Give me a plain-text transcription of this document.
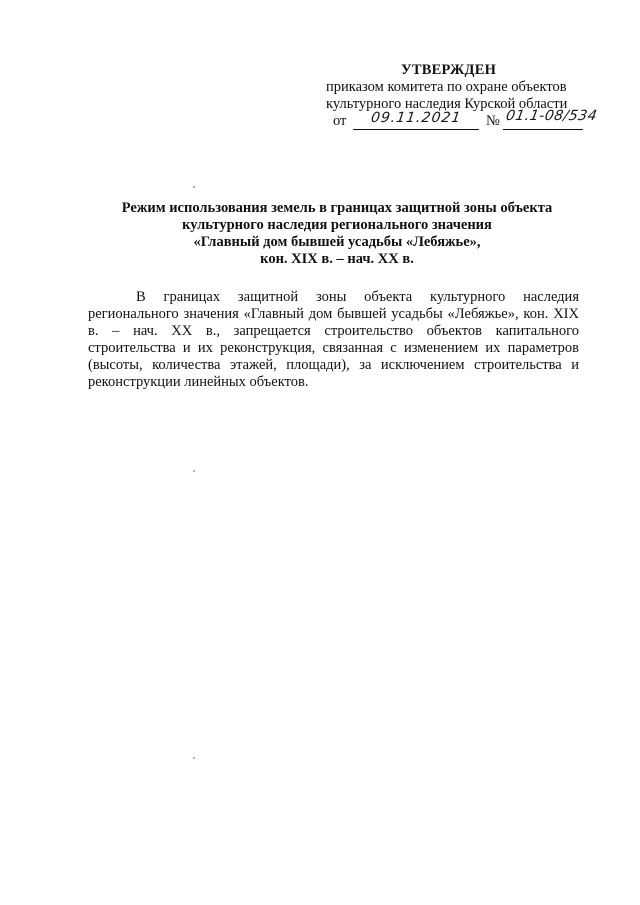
УТВЕРЖДЕН
приказом комитета по охране объектов
культурного наследия Курской области
от 09.11.2021 № 01.1-08/534
Режим использования земель в границах защитной зоны объекта
культурного наследия регионального значения
«Главный дом бывшей усадьбы «Лебяжье»,
кон. XIX в. – нач. XX в.

В границах защитной зоны объекта культурного наследия регионального значения «Главный дом бывшей усадьбы «Лебяжье», кон. XIX в. – нач. XX в., запрещается строительство объектов капитального строительства и их реконструкция, связанная с изменением их параметров (высоты, количества этажей, площади), за исключением строительства и реконструкции линейных объектов.
